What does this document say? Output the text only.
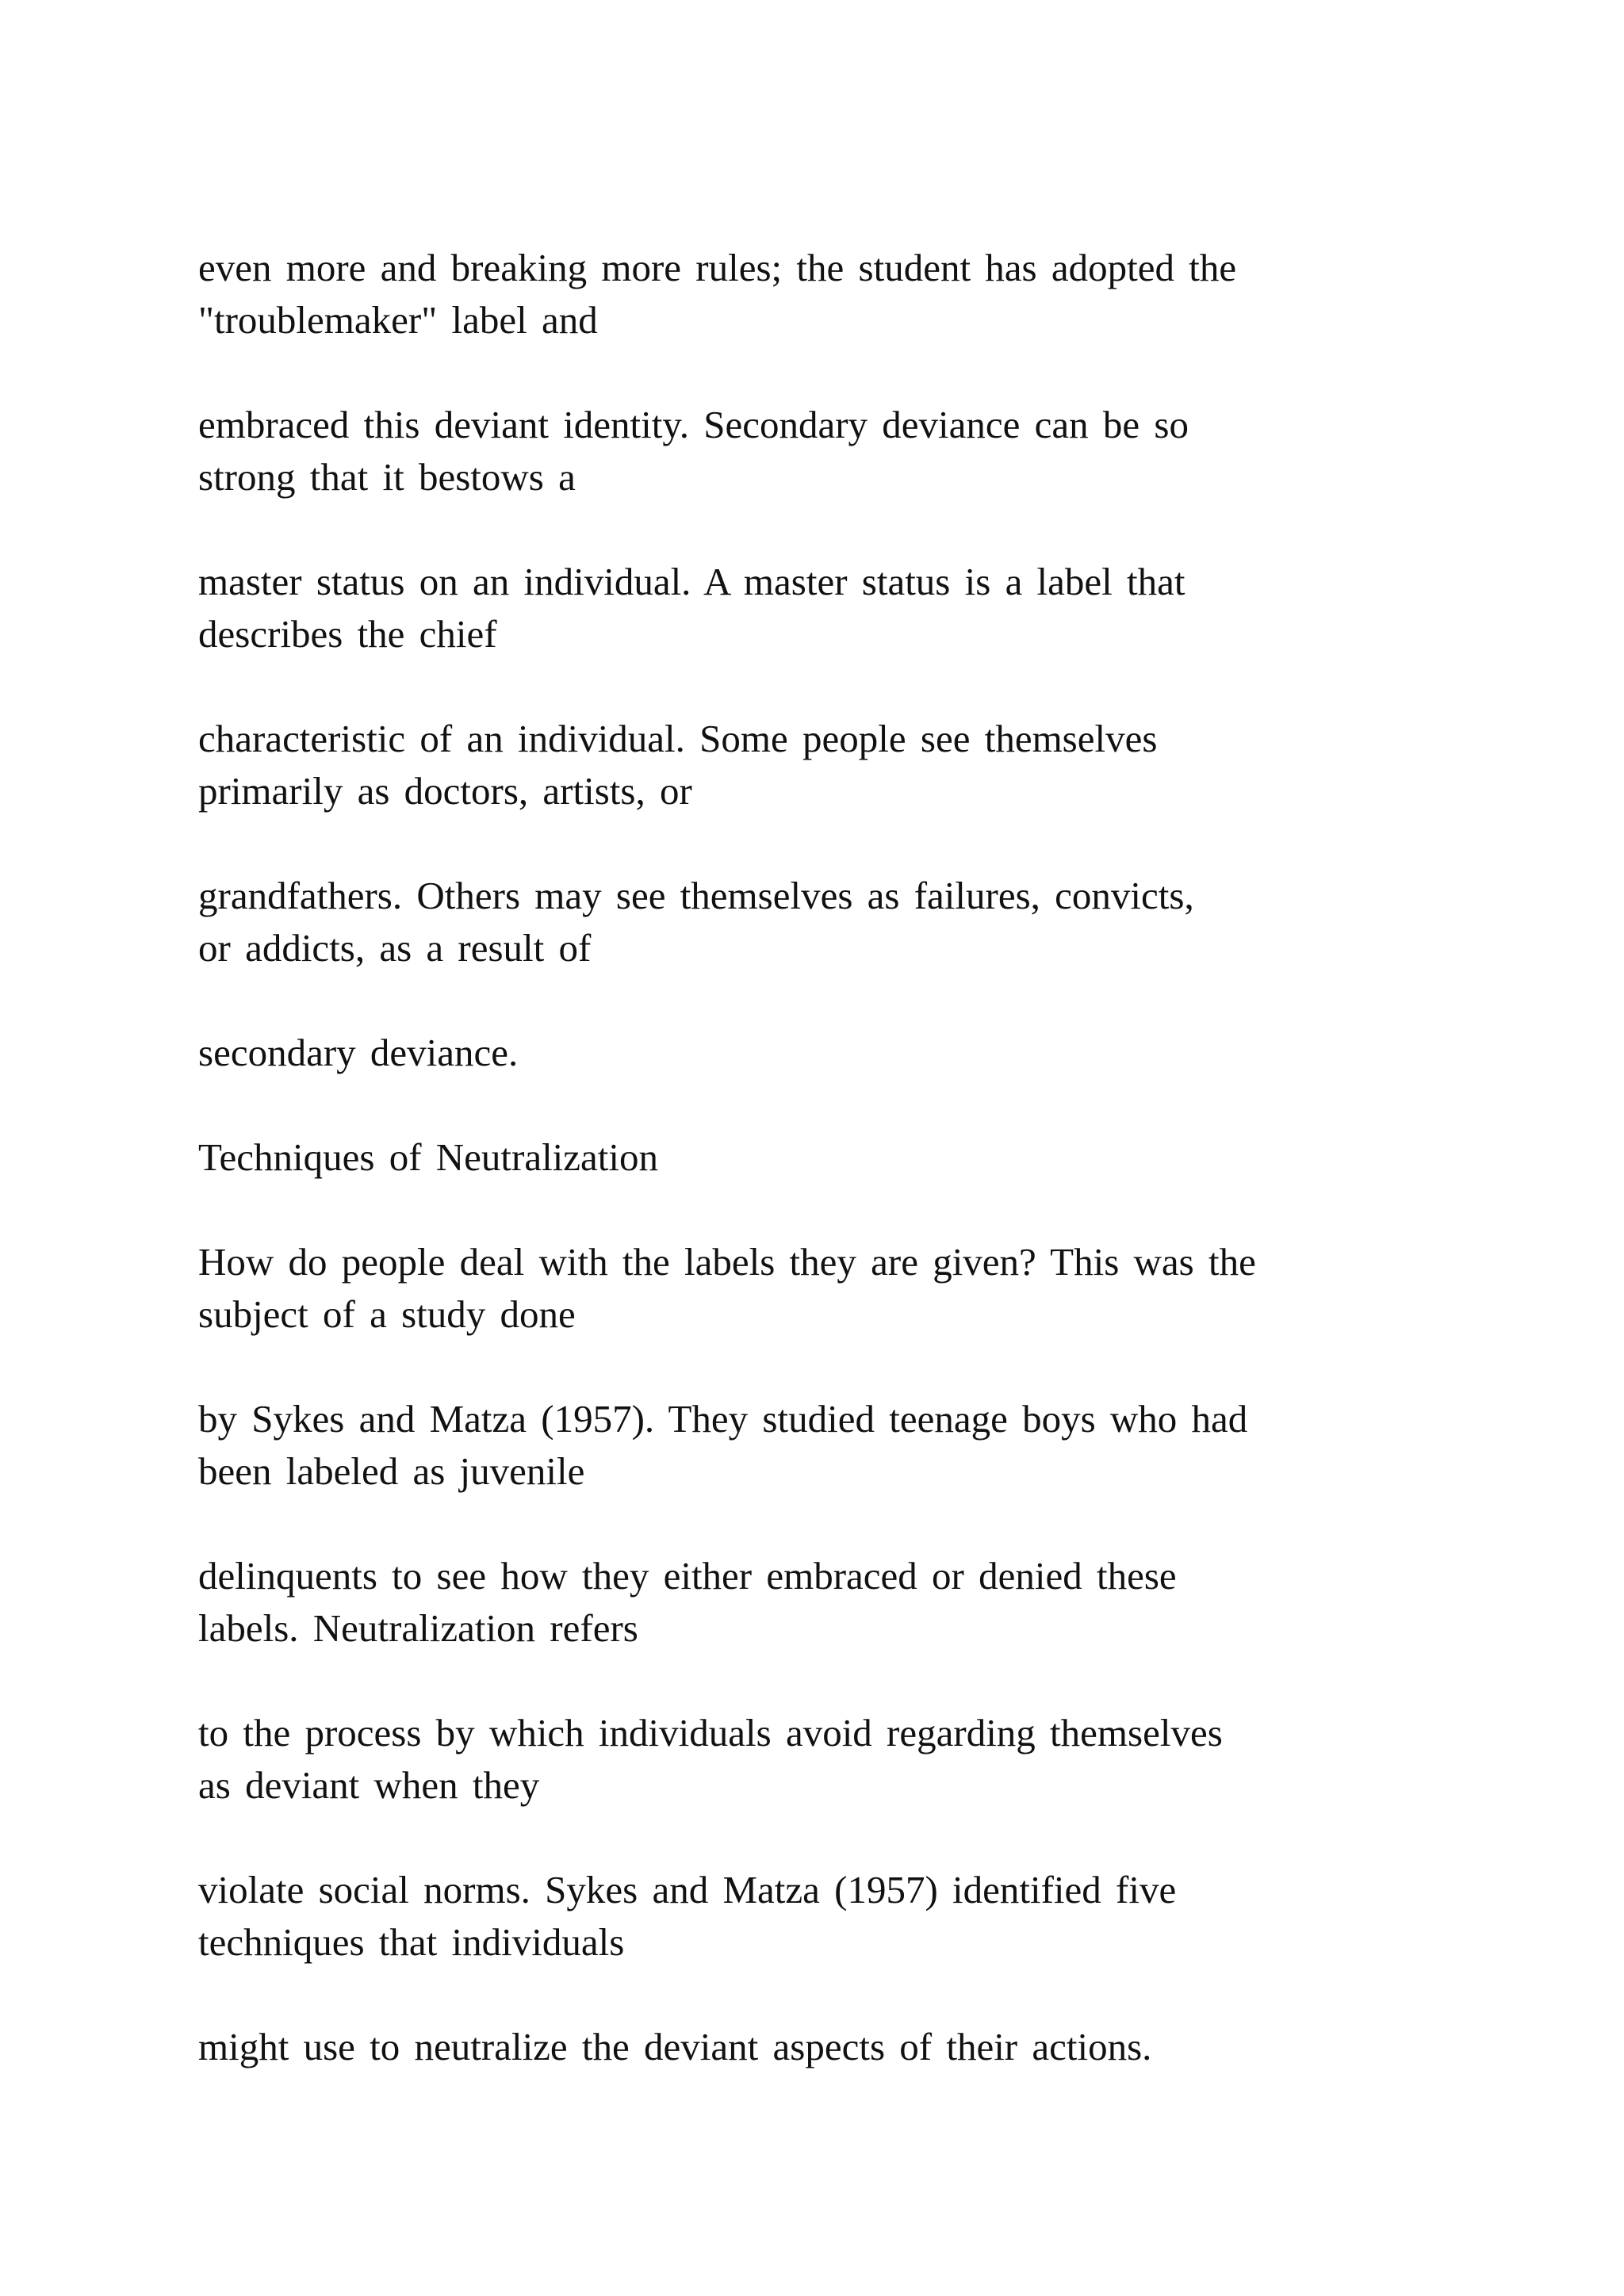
even more and breaking more rules; the student has adopted the
"troublemaker" label and

embraced this deviant identity. Secondary deviance can be so
strong that it bestows a

master status on an individual. A master status is a label that
describes the chief

characteristic of an individual. Some people see themselves
primarily as doctors, artists, or

grandfathers. Others may see themselves as failures, convicts,
or addicts, as a result of

secondary deviance.

Techniques of Neutralization

How do people deal with the labels they are given? This was the
subject of a study done

by Sykes and Matza (1957). They studied teenage boys who had
been labeled as juvenile

delinquents to see how they either embraced or denied these
labels. Neutralization refers

to the process by which individuals avoid regarding themselves
as deviant when they

violate social norms. Sykes and Matza (1957) identified five
techniques that individuals

might use to neutralize the deviant aspects of their actions.
